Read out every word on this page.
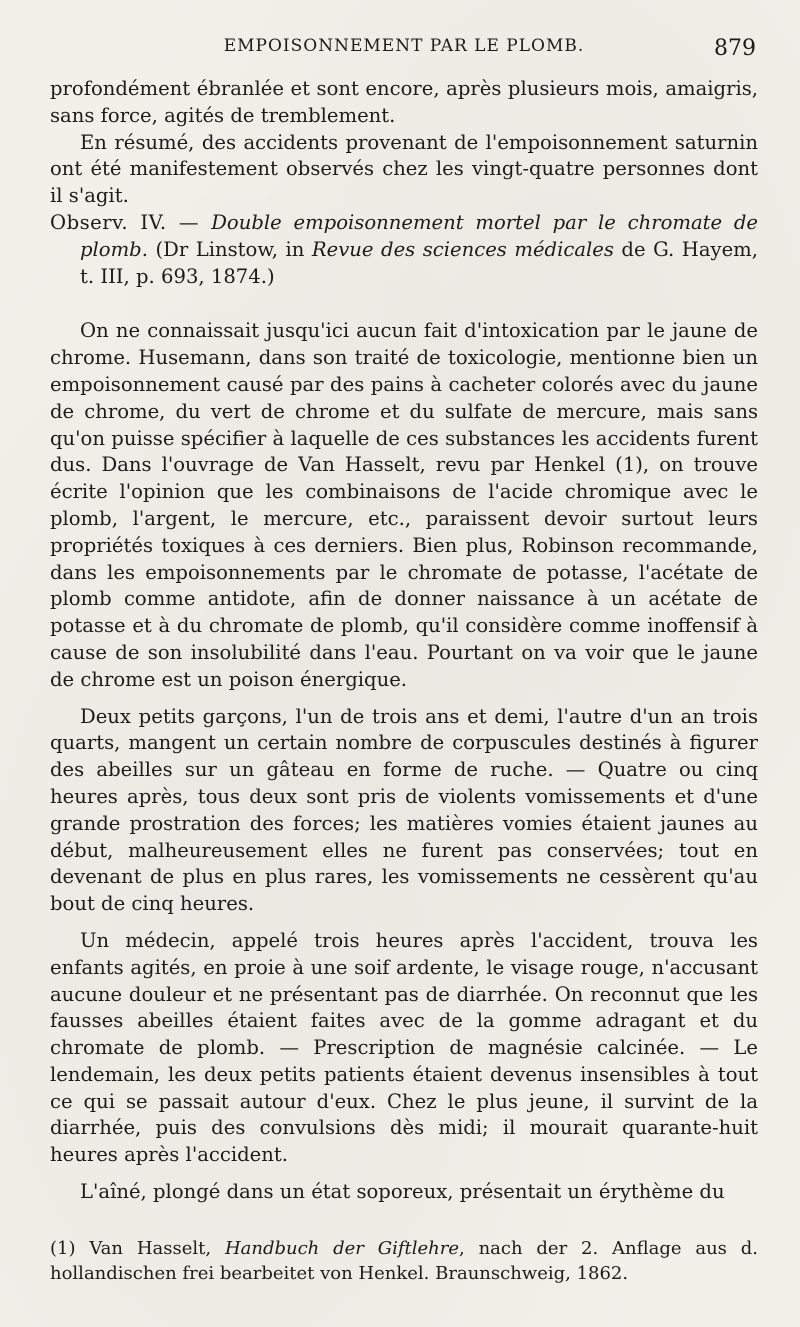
EMPOISONNEMENT PAR LE PLOMB.	879

profondément ébranlée et sont encore, après plusieurs mois, amaigris, sans force, agités de tremblement.

En résumé, des accidents provenant de l'empoisonnement saturnin ont été manifestement observés chez les vingt-quatre personnes dont il s'agit.

Observ. IV. — Double empoisonnement mortel par le chromate de plomb. (Dr Linstow, in Revue des sciences médicales de G. Hayem, t. III, p. 693, 1874.)

On ne connaissait jusqu'ici aucun fait d'intoxication par le jaune de chrome. Husemann, dans son traité de toxicologie, mentionne bien un empoisonnement causé par des pains à cacheter colorés avec du jaune de chrome, du vert de chrome et du sulfate de mercure, mais sans qu'on puisse spécifier à laquelle de ces substances les accidents furent dus. Dans l'ouvrage de Van Hasselt, revu par Henkel (1), on trouve écrite l'opinion que les combinaisons de l'acide chromique avec le plomb, l'argent, le mercure, etc., paraissent devoir surtout leurs propriétés toxiques à ces derniers. Bien plus, Robinson recommande, dans les empoisonnements par le chromate de potasse, l'acétate de plomb comme antidote, afin de donner naissance à un acétate de potasse et à du chromate de plomb, qu'il considère comme inoffensif à cause de son insolubilité dans l'eau. Pourtant on va voir que le jaune de chrome est un poison énergique.

Deux petits garçons, l'un de trois ans et demi, l'autre d'un an trois quarts, mangent un certain nombre de corpuscules destinés à figurer des abeilles sur un gâteau en forme de ruche. — Quatre ou cinq heures après, tous deux sont pris de violents vomissements et d'une grande prostration des forces; les matières vomies étaient jaunes au début, malheureusement elles ne furent pas conservées; tout en devenant de plus en plus rares, les vomissements ne cessèrent qu'au bout de cinq heures.

Un médecin, appelé trois heures après l'accident, trouva les enfants agités, en proie à une soif ardente, le visage rouge, n'accusant aucune douleur et ne présentant pas de diarrhée. On reconnut que les fausses abeilles étaient faites avec de la gomme adragant et du chromate de plomb. — Prescription de magnésie calcinée. — Le lendemain, les deux petits patients étaient devenus insensibles à tout ce qui se passait autour d'eux. Chez le plus jeune, il survint de la diarrhée, puis des convulsions dès midi; il mourait quarante-huit heures après l'accident.

L'aîné, plongé dans un état soporeux, présentait un érythème du

(1) Van Hasselt, Handbuch der Giftlehre, nach der 2. Anflage aus d. hollandischen frei bearbeitet von Henkel. Braunschweig, 1862.
